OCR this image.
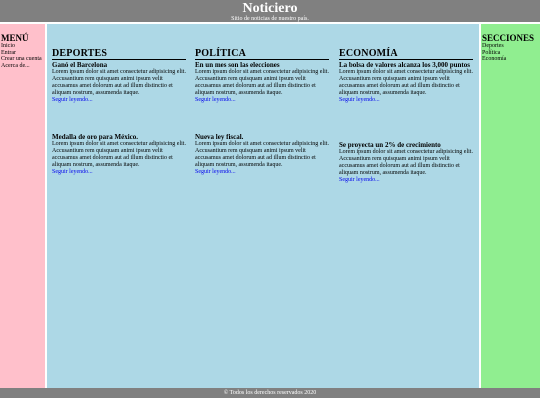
Noticiero
Sitio de noticias de nuestro país.
MENÚ
Inicio
Entrar
Crear una cuenta
Acerca de...
DEPORTES

Ganó el Barcelona

Lorem ipsum dolor sit amet consectetur adipisicing elit. Accusantium rem quisquam animi ipsum velit accusamus amet dolorum aut ad illum distinctio et aliquam nostrum, assumenda itaque.

Seguir leyendo...

Medalla de oro para México.

Lorem ipsum dolor sit amet consectetur adipisicing elit. Accusantium rem quisquam animi ipsum velit accusamus amet dolorum aut ad illum distinctio et aliquam nostrum, assumenda itaque.

Seguir leyendo...
POLÍTICA

En un mes son las elecciones

Lorem ipsum dolor sit amet consectetur adipisicing elit. Accusantium rem quisquam animi ipsum velit accusamus amet dolorum aut ad illum distinctio et aliquam nostrum, assumenda itaque.

Seguir leyendo...

Nueva ley fiscal.

Lorem ipsum dolor sit amet consectetur adipisicing elit. Accusantium rem quisquam animi ipsum velit accusamus amet dolorum aut ad illum distinctio et aliquam nostrum, assumenda itaque.

Seguir leyendo...
ECONOMÍA

La bolsa de valores alcanza los 3,000 puntos

Lorem ipsum dolor sit amet consectetur adipisicing elit. Accusantium rem quisquam animi ipsum velit accusamus amet dolorum aut ad illum distinctio et aliquam nostrum, assumenda itaque.

Seguir leyendo...

Se proyecta un 2% de crecimiento

Lorem ipsum dolor sit amet consectetur adipisicing elit. Accusantium rem quisquam animi ipsum velit accusamus amet dolorum aut ad illum distinctio et aliquam nostrum, assumenda itaque.

Seguir leyendo...
SECCIONES
Deportes
Política
Economía
© Todos los derechos reservados 2020
